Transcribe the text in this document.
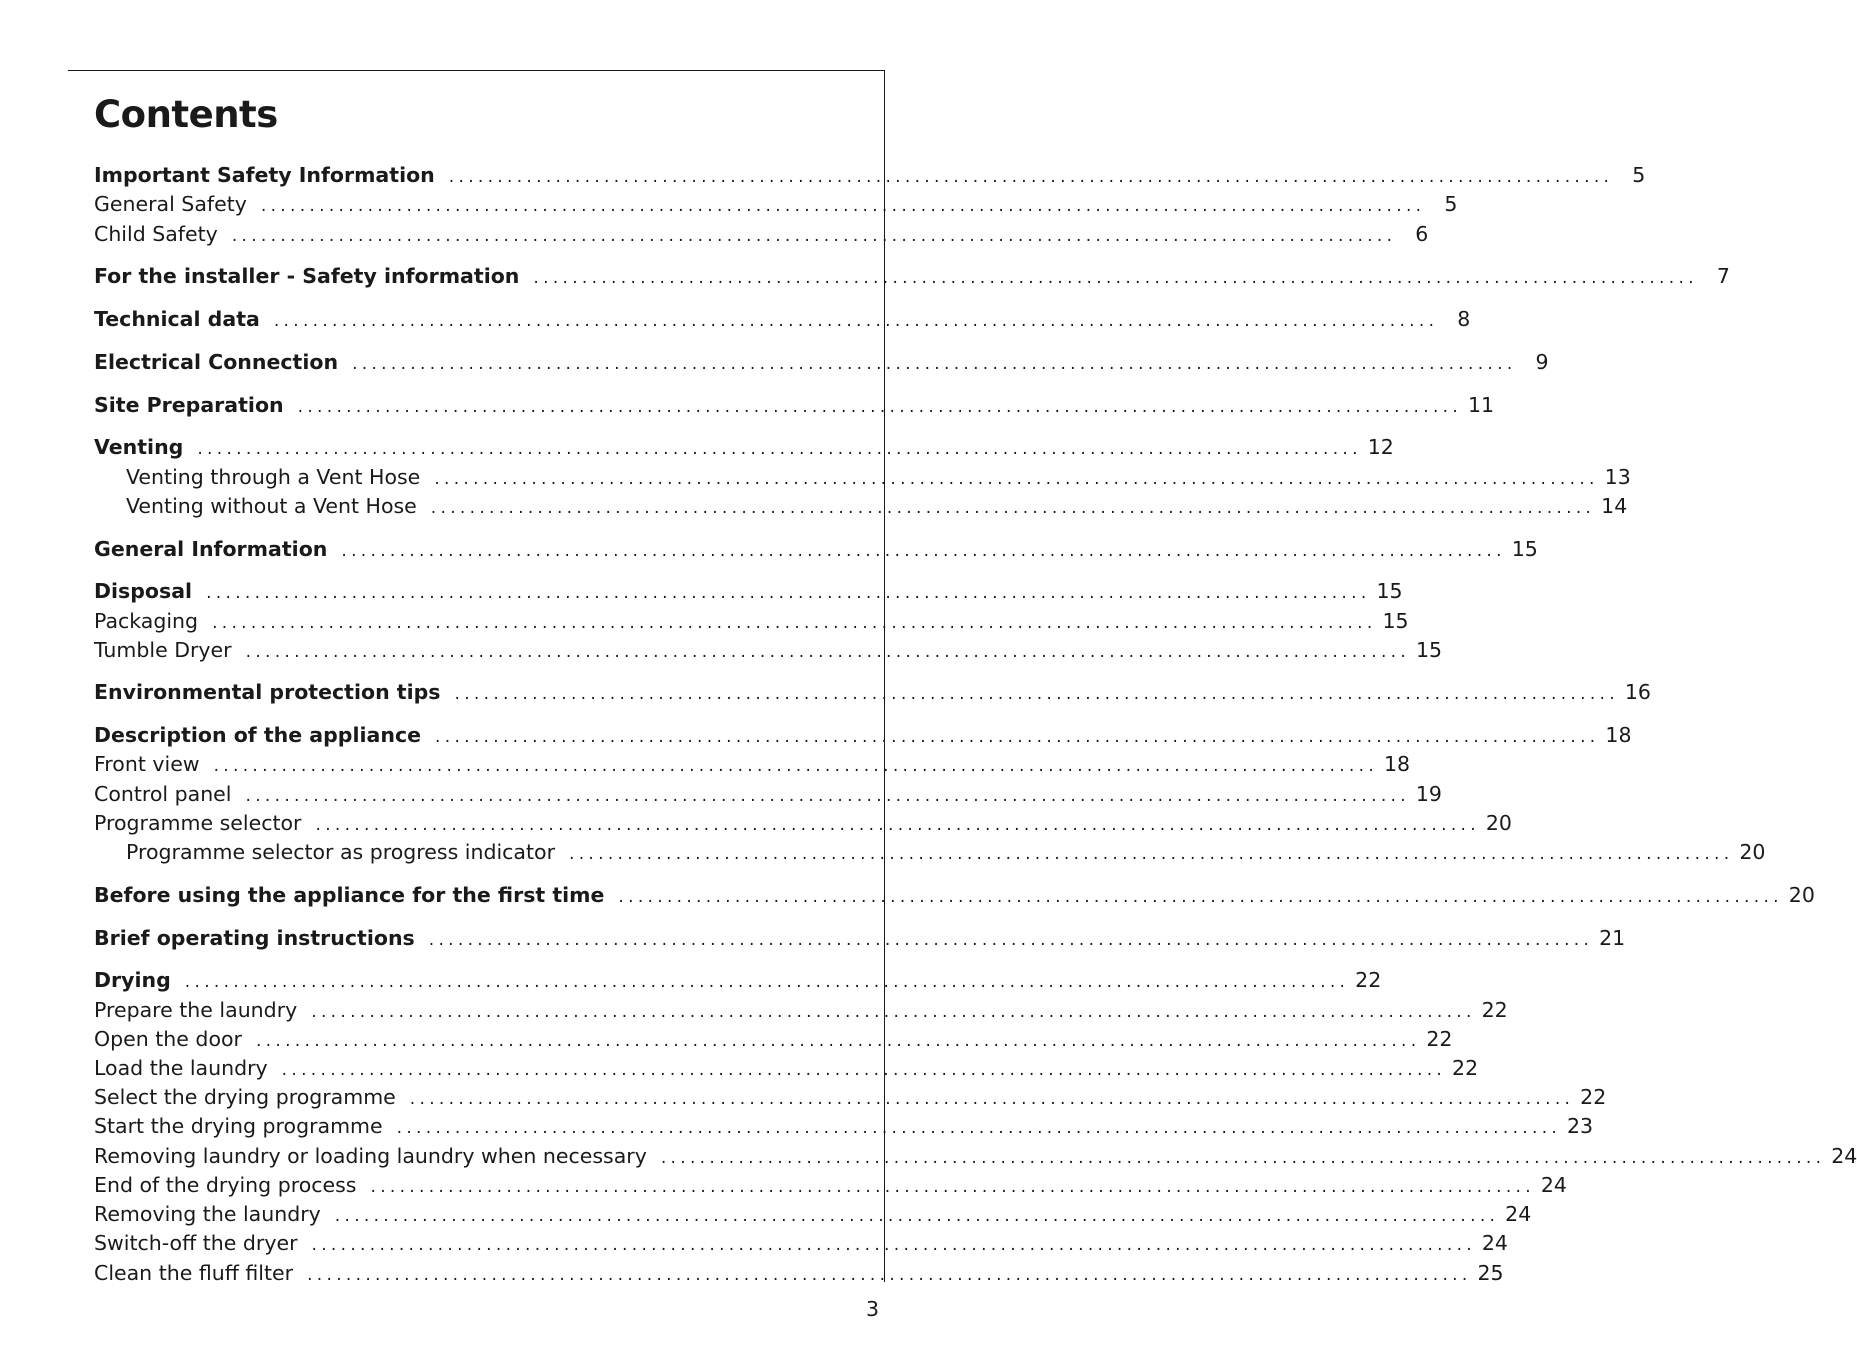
Contents
Important Safety Information ........................................................................................................................ 5
General Safety ........................................................................................................................ 5
Child Safety ........................................................................................................................ 6
For the installer - Safety information ........................................................................................................................ 7
Technical data ........................................................................................................................ 8
Electrical Connection ........................................................................................................................ 9
Site Preparation ........................................................................................................................ 11
Venting ........................................................................................................................ 12
Venting through a Vent Hose ........................................................................................................................ 13
Venting without a Vent Hose ........................................................................................................................ 14
General Information ........................................................................................................................ 15
Disposal ........................................................................................................................ 15
Packaging ........................................................................................................................ 15
Tumble Dryer ........................................................................................................................ 15
Environmental protection tips ........................................................................................................................ 16
Description of the appliance ........................................................................................................................ 18
Front view ........................................................................................................................ 18
Control panel ........................................................................................................................ 19
Programme selector ........................................................................................................................ 20
Programme selector as progress indicator ........................................................................................................................ 20
Before using the appliance for the first time ........................................................................................................................ 20
Brief operating instructions ........................................................................................................................ 21
Drying ........................................................................................................................ 22
Prepare the laundry ........................................................................................................................ 22
Open the door ........................................................................................................................ 22
Load the laundry ........................................................................................................................ 22
Select the drying programme ........................................................................................................................ 22
Start the drying programme ........................................................................................................................ 23
Removing laundry or loading laundry when necessary ........................................................................................................................ 24
End of the drying process ........................................................................................................................ 24
Removing the laundry ........................................................................................................................ 24
Switch-off the dryer ........................................................................................................................ 24
Clean the fluff filter ........................................................................................................................ 25
3
